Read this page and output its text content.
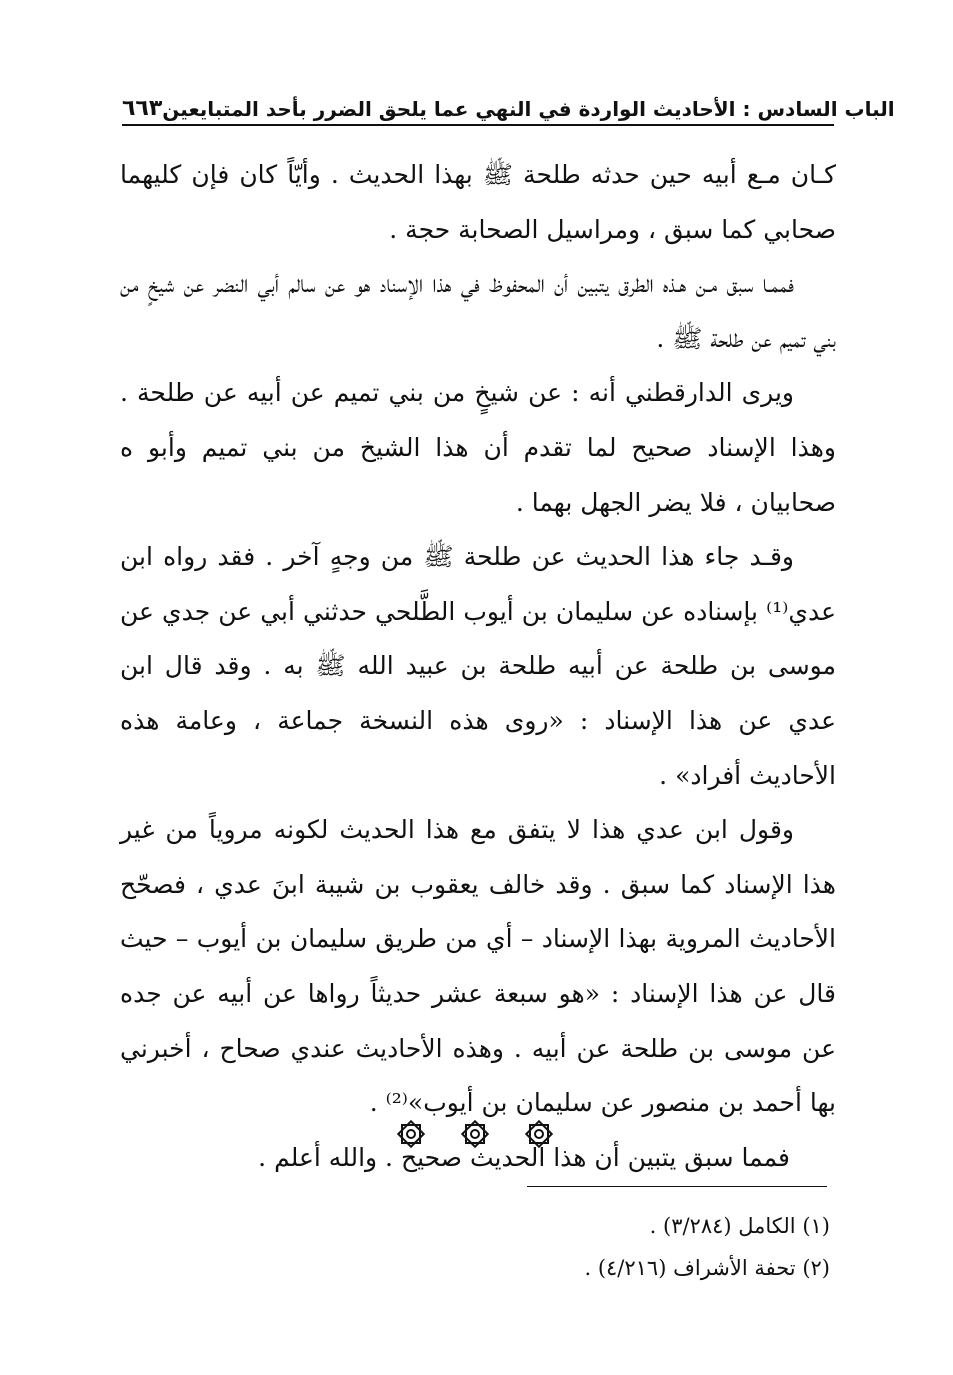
الباب السادس : الأحاديث الواردة في النهي عما يلحق الضرر بأحد المتبايعين
٦٦٣

كـان مـع أبيه حين حدثه طلحة ﷺ بهذا الحديث . وأيّاً كان فإن كليهما صحابي كما سبق ، ومراسيل الصحابة حجة .

فممـا سبق مـن هـذه الطرق يتبين أن المحفوظ في هذا الإسناد هو عن سالم أبي النضر عن شيخٍ من بني تميم عن طلحة ﷺ .

ويرى الدارقطني أنه : عن شيخٍ من بني تميم عن أبيه عن طلحة . وهذا الإسناد صحيح لما تقدم أن هذا الشيخ من بني تميم وأبو ه صحابيان ، فلا يضر الجهل بهما .

وقـد جاء هذا الحديث عن طلحة ﷺ من وجهٍ آخر . فقد رواه ابن عدي⁽¹⁾ بإسناده عن سليمان بن أيوب الطَّلحي حدثني أبي عن جدي عن موسى بن طلحة عن أبيه طلحة بن عبيد الله ﷺ به . وقد قال ابن عدي عن هذا الإسناد : «روى هذه النسخة جماعة ، وعامة هذه الأحاديث أفراد» .

وقول ابن عدي هذا لا يتفق مع هذا الحديث لكونه مروياً من غير هذا الإسناد كما سبق . وقد خالف يعقوب بن شيبة ابنَ عدي ، فصحّح الأحاديث المروية بهذا الإسناد – أي من طريق سليمان بن أيوب – حيث قال عن هذا الإسناد : «هو سبعة عشر حديثاً رواها عن أبيه عن جده عن موسى بن طلحة عن أبيه . وهذه الأحاديث عندي صحاح ، أخبرني بها أحمد بن منصور عن سليمان بن أيوب»⁽²⁾ .

فمما سبق يتبين أن هذا الحديث صحيح . والله أعلم .

(١) الكامل (٣/٢٨٤) .

(٢) تحفة الأشراف (٤/٢١٦) .
